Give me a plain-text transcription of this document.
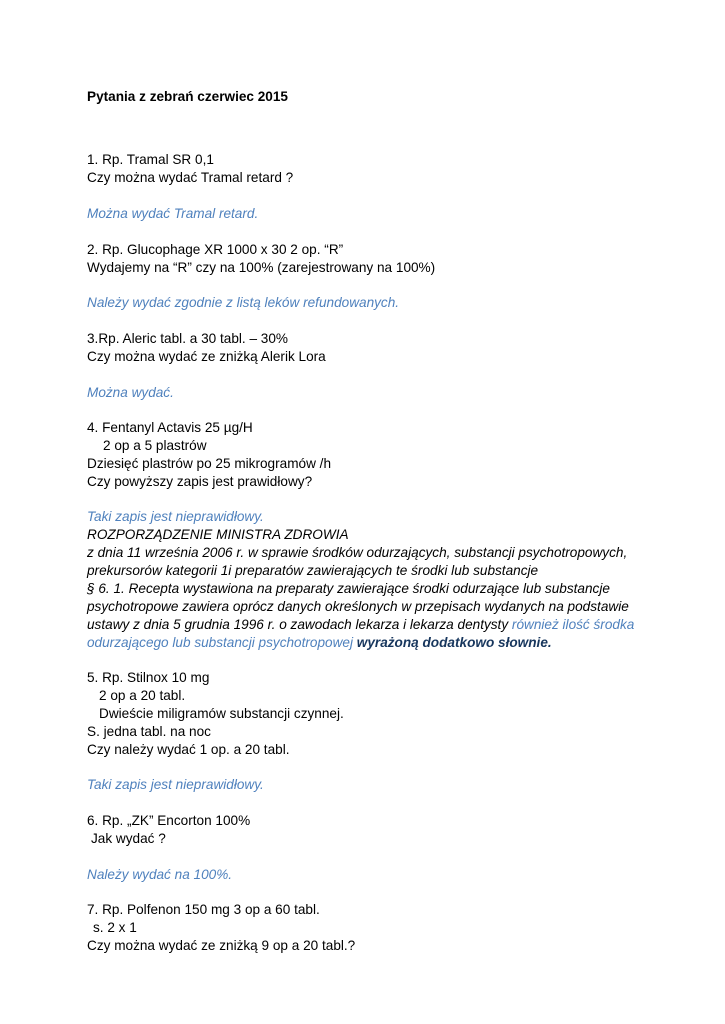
Pytania z zebrań czerwiec 2015

1. Rp. Tramal SR 0,1

Czy można wydać Tramal retard ?

Można wydać Tramal retard.

2. Rp. Glucophage XR 1000 x 30 2 op. “R”

Wydajemy na “R” czy na 100% (zarejestrowany na 100%)

Należy wydać zgodnie z listą leków refundowanych.

3.Rp. Aleric tabl. a 30 tabl. – 30%

Czy można wydać ze zniżką Alerik Lora

Można wydać.

4. Fentanyl Actavis 25 µg/H

2 op a 5 plastrów

Dziesięć plastrów po 25 mikrogramów /h

Czy powyższy zapis jest prawidłowy?

Taki zapis jest nieprawidłowy.

ROZPORZĄDZENIE MINISTRA ZDROWIA

z dnia 11 września 2006 r. w sprawie środków odurzających, substancji psychotropowych,

prekursorów kategorii 1i preparatów zawierających te środki lub substancje

§ 6. 1. Recepta wystawiona na preparaty zawierające środki odurzające lub substancje

psychotropowe zawiera oprócz danych określonych w przepisach wydanych na podstawie

ustawy z dnia 5 grudnia 1996 r. o zawodach lekarza i lekarza dentysty również ilość środka

odurzającego lub substancji psychotropowej wyrażoną dodatkowo słownie.

5. Rp. Stilnox 10 mg

2 op a 20 tabl.

Dwieście miligramów substancji czynnej.

S. jedna tabl. na noc

Czy należy wydać 1 op. a 20 tabl.

Taki zapis jest nieprawidłowy.

6. Rp. „ZK” Encorton 100%

Jak wydać ?

Należy wydać na 100%.

7. Rp. Polfenon 150 mg 3 op a 60 tabl.

s. 2 x 1

Czy można wydać ze zniżką 9 op a 20 tabl.?
